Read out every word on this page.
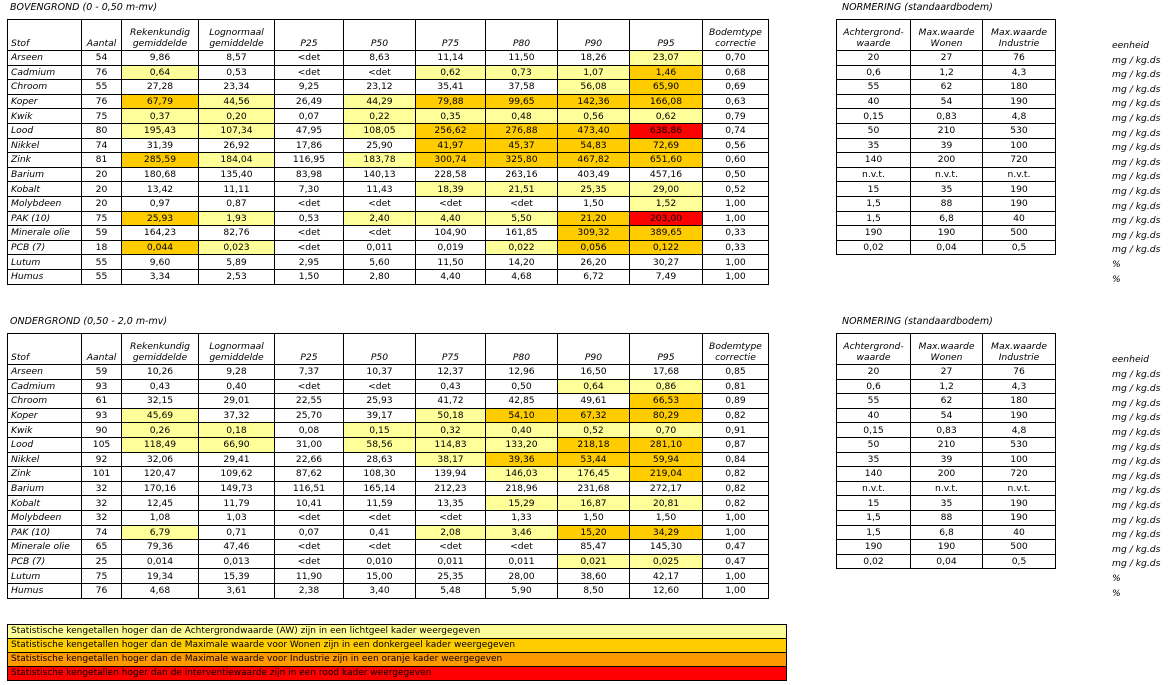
BOVENGROND (0 - 0,50 m-mv)
Stof	Aantal	Rekenkundig gemiddelde	Lognormaal gemiddelde	P25	P50	P75	P80	P90	P95	Bodemtype correctie
Arseen	54	9,86	8,57	<det	8,63	11,14	11,50	18,26	23,07	0,70
Cadmium	76	0,64	0,53	<det	<det	0,62	0,73	1,07	1,46	0,68
Chroom	55	27,28	23,34	9,25	23,12	35,41	37,58	56,08	65,90	0,69
Koper	76	67,79	44,56	26,49	44,29	79,88	99,65	142,36	166,08	0,63
Kwik	75	0,37	0,20	0,07	0,22	0,35	0,48	0,56	0,62	0,79
Lood	80	195,43	107,34	47,95	108,05	256,62	276,88	473,40	638,86	0,74
Nikkel	74	31,39	26,92	17,86	25,90	41,97	45,37	54,83	72,69	0,56
Zink	81	285,59	184,04	116,95	183,78	300,74	325,80	467,82	651,60	0,60
Barium	20	180,68	135,40	83,98	140,13	228,58	263,16	403,49	457,16	0,50
Kobalt	20	13,42	11,11	7,30	11,43	18,39	21,51	25,35	29,00	0,52
Molybdeen	20	0,97	0,87	<det	<det	<det	<det	1,50	1,52	1,00
PAK (10)	75	25,93	1,93	0,53	2,40	4,40	5,50	21,20	203,00	1,00
Minerale olie	59	164,23	82,76	<det	<det	104,90	161,85	309,32	389,65	0,33
PCB (7)	18	0,044	0,023	<det	0,011	0,019	0,022	0,056	0,122	0,33
Lutum	55	9,60	5,89	2,95	5,60	11,50	14,20	26,20	30,27	1,00
Humus	55	3,34	2,53	1,50	2,80	4,40	4,68	6,72	7,49	1,00
NORMERING (standaardbodem)
Achtergrond-waarde	Max.waarde Wonen	Max.waarde Industrie
20	27	76
0,6	1,2	4,3
55	62	180
40	54	190
0,15	0,83	4,8
50	210	530
35	39	100
140	200	720
n.v.t.	n.v.t.	n.v.t.
15	35	190
1,5	88	190
1,5	6,8	40
190	190	500
0,02	0,04	0,5
eenheid
mg / kg.ds
mg / kg.ds
mg / kg.ds
mg / kg.ds
mg / kg.ds
mg / kg.ds
mg / kg.ds
mg / kg.ds
mg / kg.ds
mg / kg.ds
mg / kg.ds
mg / kg.ds
mg / kg.ds
mg / kg.ds
%
%
ONDERGROND (0,50 - 2,0 m-mv)
Stof	Aantal	Rekenkundig gemiddelde	Lognormaal gemiddelde	P25	P50	P75	P80	P90	P95	Bodemtype correctie
Arseen	59	10,26	9,28	7,37	10,37	12,37	12,96	16,50	17,68	0,85
Cadmium	93	0,43	0,40	<det	<det	0,43	0,50	0,64	0,86	0,81
Chroom	61	32,15	29,01	22,55	25,93	41,72	42,85	49,61	66,53	0,89
Koper	93	45,69	37,32	25,70	39,17	50,18	54,10	67,32	80,29	0,82
Kwik	90	0,26	0,18	0,08	0,15	0,32	0,40	0,52	0,70	0,91
Lood	105	118,49	66,90	31,00	58,56	114,83	133,20	218,18	281,10	0,87
Nikkel	92	32,06	29,41	22,66	28,63	38,17	39,36	53,44	59,94	0,84
Zink	101	120,47	109,62	87,62	108,30	139,94	146,03	176,45	219,04	0,82
Barium	32	170,16	149,73	116,51	165,14	212,23	218,96	231,68	272,17	0,82
Kobalt	32	12,45	11,79	10,41	11,59	13,35	15,29	16,87	20,81	0,82
Molybdeen	32	1,08	1,03	<det	<det	<det	1,33	1,50	1,50	1,00
PAK (10)	74	6,79	0,71	0,07	0,41	2,08	3,46	15,20	34,29	1,00
Minerale olie	65	79,36	47,46	<det	<det	<det	<det	85,47	145,30	0,47
PCB (7)	25	0,014	0,013	<det	0,010	0,011	0,011	0,021	0,025	0,47
Lutum	75	19,34	15,39	11,90	15,00	25,35	28,00	38,60	42,17	1,00
Humus	76	4,68	3,61	2,38	3,40	5,48	5,90	8,50	12,60	1,00
NORMERING (standaardbodem)
Achtergrond-waarde	Max.waarde Wonen	Max.waarde Industrie
20	27	76
0,6	1,2	4,3
55	62	180
40	54	190
0,15	0,83	4,8
50	210	530
35	39	100
140	200	720
n.v.t.	n.v.t.	n.v.t.
15	35	190
1,5	88	190
1,5	6,8	40
190	190	500
0,02	0,04	0,5
eenheid
mg / kg.ds
mg / kg.ds
mg / kg.ds
mg / kg.ds
mg / kg.ds
mg / kg.ds
mg / kg.ds
mg / kg.ds
mg / kg.ds
mg / kg.ds
mg / kg.ds
mg / kg.ds
mg / kg.ds
mg / kg.ds
%
%
Statistische kengetallen hoger dan de Achtergrondwaarde (AW) zijn in een lichtgeel kader weergegeven
Statistische kengetallen hoger dan de Maximale waarde voor Wonen zijn in een donkergeel kader weergegeven
Statistische kengetallen hoger dan de Maximale waarde voor Industrie zijn in een oranje kader weergegeven
Statistische kengetallen hoger dan de interventiewaarde zijn in een rood kader weergegeven
